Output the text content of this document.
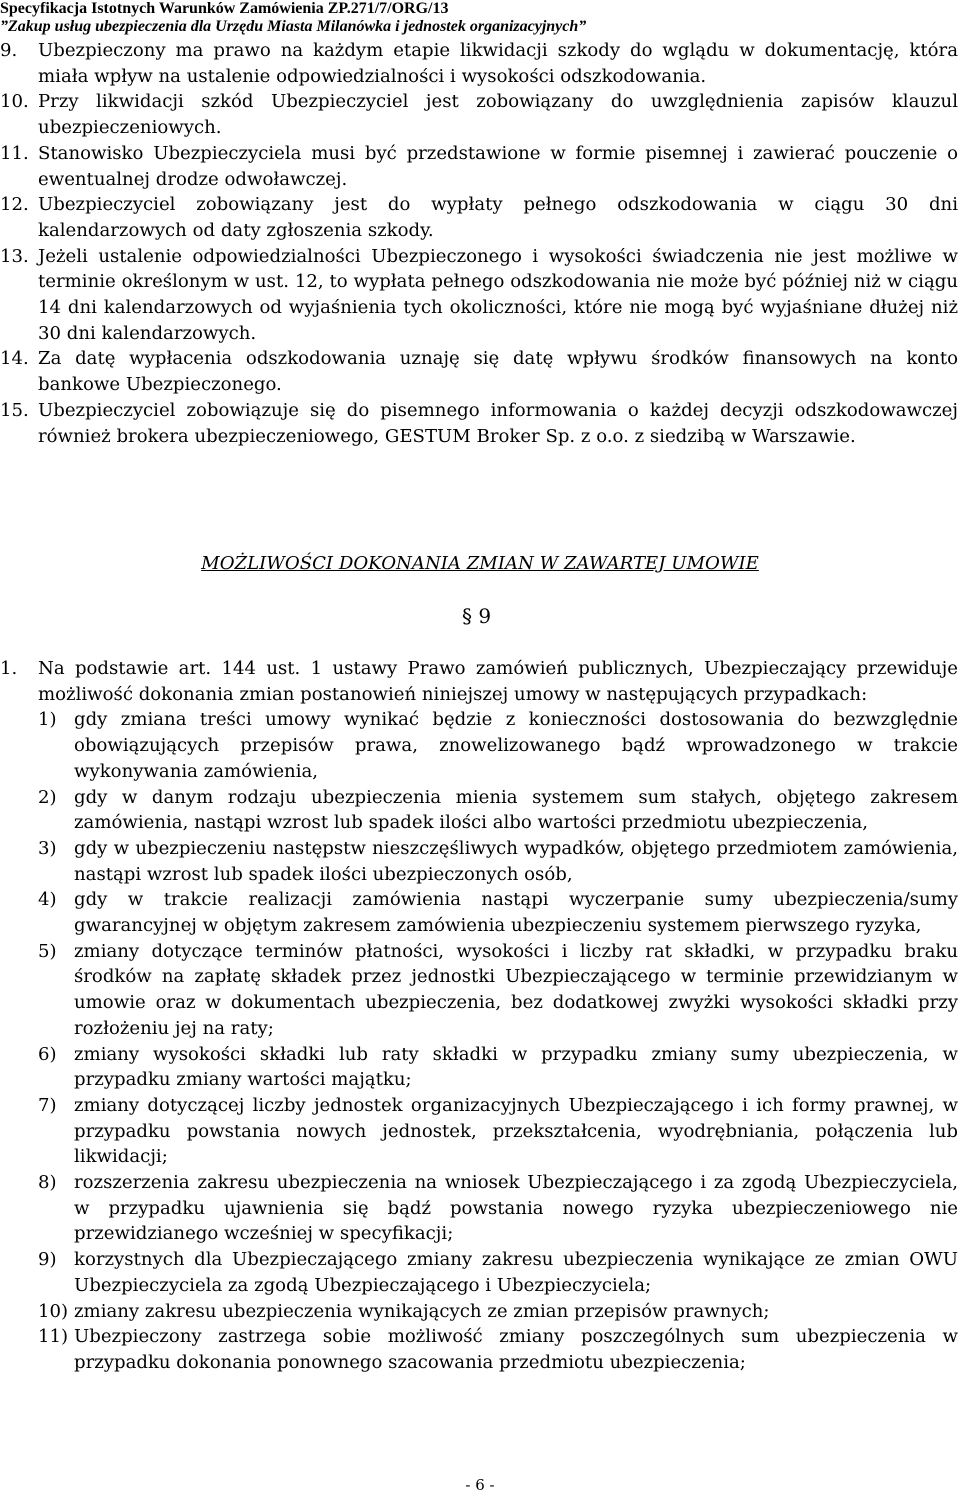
Specyfikacja Istotnych Warunków Zamówienia ZP.271/7/ORG/13
”Zakup usług ubezpieczenia dla Urzędu Miasta Milanówka i jednostek organizacyjnych”
9.	Ubezpieczony ma prawo na każdym etapie likwidacji szkody do wglądu w dokumentację, która miała wpływ na ustalenie odpowiedzialności i wysokości odszkodowania.
10. Przy likwidacji szkód Ubezpieczyciel jest zobowiązany do uwzględnienia zapisów klauzul ubezpieczeniowych.
11. Stanowisko Ubezpieczyciela musi być przedstawione w formie pisemnej i zawierać pouczenie o ewentualnej drodze odwoławczej.
12. Ubezpieczyciel zobowiązany jest do wypłaty pełnego odszkodowania w ciągu 30 dni kalendarzowych od daty zgłoszenia szkody.
13. Jeżeli ustalenie odpowiedzialności Ubezpieczonego i wysokości świadczenia nie jest możliwe w terminie określonym w ust. 12, to wypłata pełnego odszkodowania nie może być później niż w ciągu 14 dni kalendarzowych od wyjaśnienia tych okoliczności, które nie mogą być wyjaśniane dłużej niż 30 dni kalendarzowych.
14. Za datę wypłacenia odszkodowania uznaję się datę wpływu środków finansowych na konto bankowe Ubezpieczonego.
15. Ubezpieczyciel zobowiązuje się do pisemnego informowania o każdej decyzji odszkodowawczej również brokera ubezpieczeniowego, GESTUM Broker Sp. z o.o. z siedzibą w Warszawie.
MOŻLIWOŚCI DOKONANIA ZMIAN W ZAWARTEJ UMOWIE
§ 9
1.	Na podstawie art. 144 ust. 1 ustawy Prawo zamówień publicznych, Ubezpieczający przewiduje możliwość dokonania zmian postanowień niniejszej umowy w następujących przypadkach:
1) gdy zmiana treści umowy wynikać będzie z konieczności dostosowania do bezwzględnie obowiązujących przepisów prawa, znowelizowanego bądź wprowadzonego w trakcie wykonywania zamówienia,
2) gdy w danym rodzaju ubezpieczenia mienia systemem sum stałych, objętego zakresem zamówienia, nastąpi wzrost lub spadek ilości albo wartości przedmiotu ubezpieczenia,
3) gdy w ubezpieczeniu następstw nieszczęśliwych wypadków, objętego przedmiotem zamówienia, nastąpi wzrost lub spadek ilości ubezpieczonych osób,
4) gdy w trakcie realizacji zamówienia nastąpi wyczerpanie sumy ubezpieczenia/sumy gwarancyjnej w objętym zakresem zamówienia ubezpieczeniu systemem pierwszego ryzyka,
5) zmiany dotyczące terminów płatności, wysokości i liczby rat składki, w przypadku braku środków na zapłatę składek przez jednostki Ubezpieczającego w terminie przewidzianym w umowie oraz w dokumentach ubezpieczenia, bez dodatkowej zwyżki wysokości składki przy rozłożeniu jej na raty;
6) zmiany wysokości składki lub raty składki w przypadku zmiany sumy ubezpieczenia, w przypadku zmiany wartości majątku;
7) zmiany dotyczącej liczby jednostek organizacyjnych Ubezpieczającego i ich formy prawnej, w przypadku powstania nowych jednostek, przekształcenia, wyodrębniania, połączenia lub likwidacji;
8) rozszerzenia zakresu ubezpieczenia na wniosek Ubezpieczającego i za zgodą Ubezpieczyciela, w przypadku ujawnienia się bądź powstania nowego ryzyka ubezpieczeniowego nie przewidzianego wcześniej w specyfikacji;
9) korzystnych dla Ubezpieczającego zmiany zakresu ubezpieczenia wynikające ze zmian OWU Ubezpieczyciela za zgodą Ubezpieczającego i Ubezpieczyciela;
10) zmiany zakresu ubezpieczenia wynikających ze zmian przepisów prawnych;
11) Ubezpieczony zastrzega sobie możliwość zmiany poszczególnych sum ubezpieczenia w przypadku dokonania ponownego szacowania przedmiotu ubezpieczenia;
- 6 -
